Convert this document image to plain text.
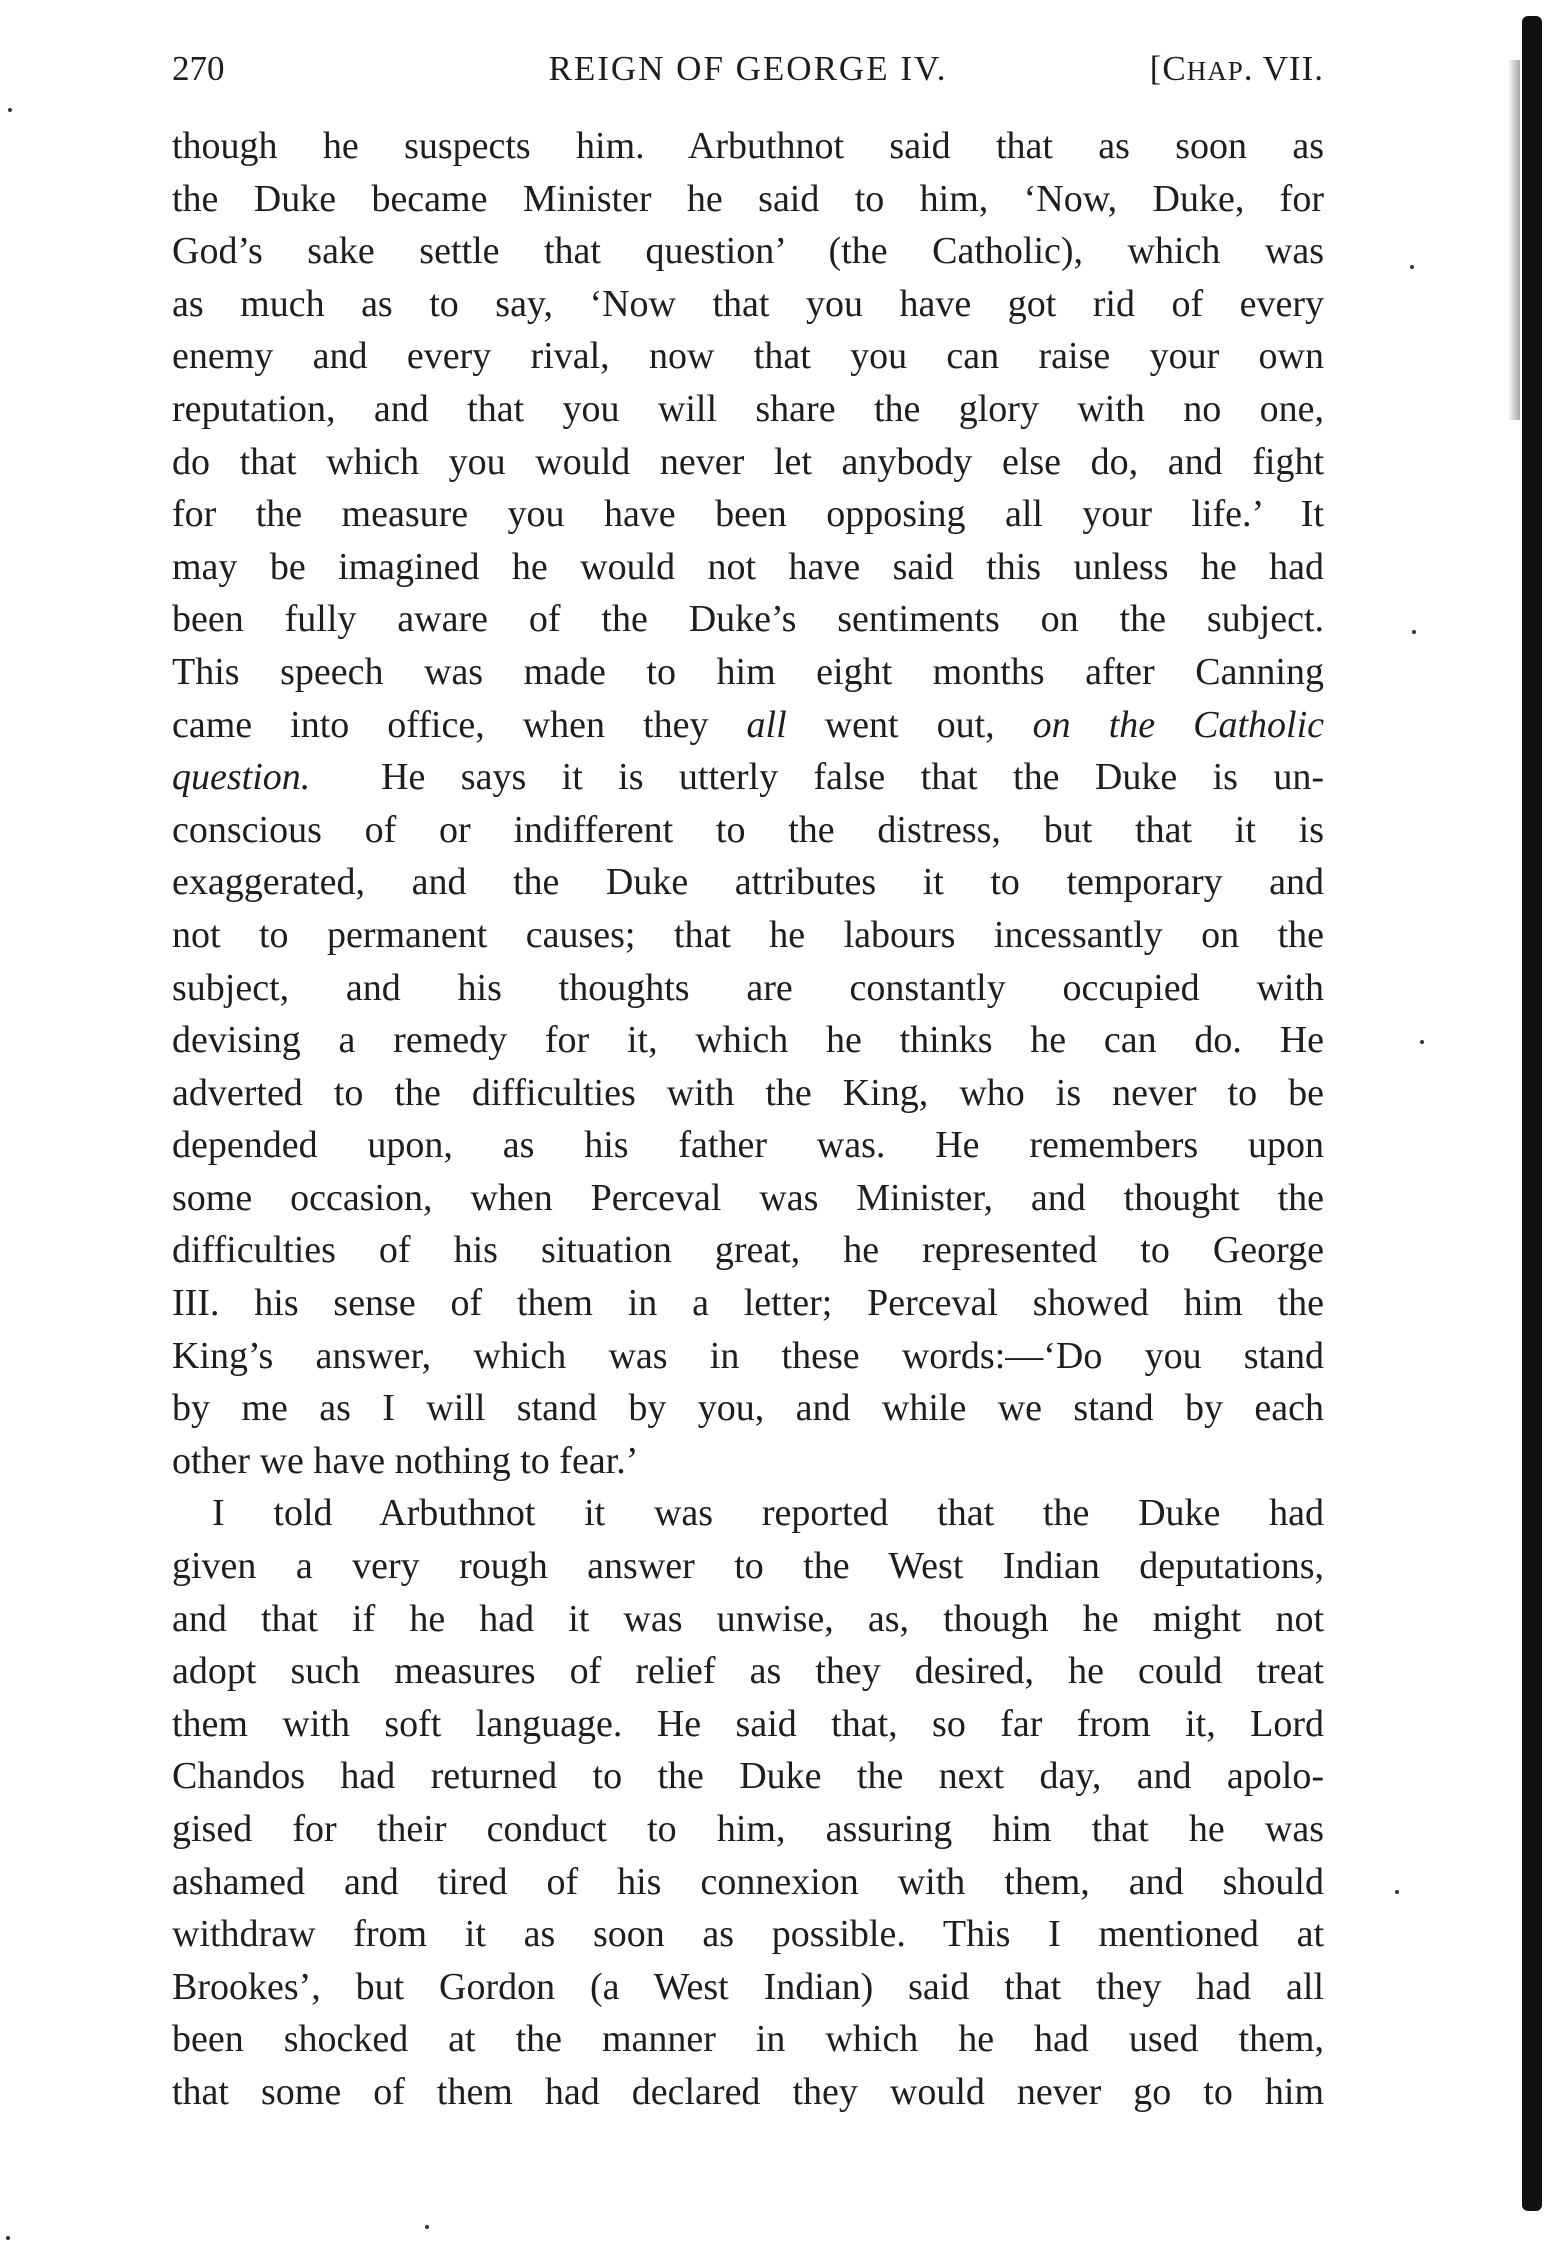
270	REIGN OF GEORGE IV.	[CHAP. VII.
though he suspects him. Arbuthnot said that as soon as
the Duke became Minister he said to him, ‘Now, Duke, for
God’s sake settle that question’ (the Catholic), which was
as much as to say, ‘Now that you have got rid of every
enemy and every rival, now that you can raise your own
reputation, and that you will share the glory with no one,
do that which you would never let anybody else do, and fight
for the measure you have been opposing all your life.’ It
may be imagined he would not have said this unless he had
been fully aware of the Duke’s sentiments on the subject.
This speech was made to him eight months after Canning
came into office, when they all went out, on the Catholic
question. He says it is utterly false that the Duke is un-
conscious of or indifferent to the distress, but that it is
exaggerated, and the Duke attributes it to temporary and
not to permanent causes; that he labours incessantly on the
subject, and his thoughts are constantly occupied with
devising a remedy for it, which he thinks he can do. He
adverted to the difficulties with the King, who is never to be
depended upon, as his father was. He remembers upon
some occasion, when Perceval was Minister, and thought the
difficulties of his situation great, he represented to George
III. his sense of them in a letter; Perceval showed him the
King’s answer, which was in these words:—‘Do you stand
by me as I will stand by you, and while we stand by each
other we have nothing to fear.’
I told Arbuthnot it was reported that the Duke had
given a very rough answer to the West Indian deputations,
and that if he had it was unwise, as, though he might not
adopt such measures of relief as they desired, he could treat
them with soft language. He said that, so far from it, Lord
Chandos had returned to the Duke the next day, and apolo-
gised for their conduct to him, assuring him that he was
ashamed and tired of his connexion with them, and should
withdraw from it as soon as possible. This I mentioned at
Brookes’, but Gordon (a West Indian) said that they had all
been shocked at the manner in which he had used them,
that some of them had declared they would never go to him
